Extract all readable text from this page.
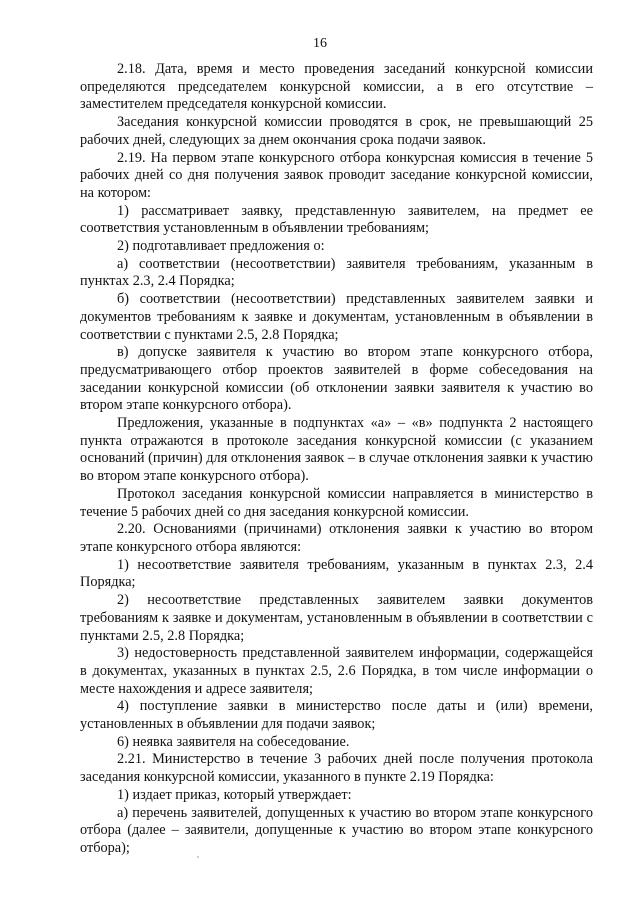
16

2.18. Дата, время и место проведения заседаний конкурсной комиссии определяются председателем конкурсной комиссии, а в его отсутствие – заместителем председателя конкурсной комиссии.

Заседания конкурсной комиссии проводятся в срок, не превышающий 25 рабочих дней, следующих за днем окончания срока подачи заявок.

2.19. На первом этапе конкурсного отбора конкурсная комиссия в течение 5 рабочих дней со дня получения заявок проводит заседание конкурсной комиссии, на котором:

1) рассматривает заявку, представленную заявителем, на предмет ее соответствия установленным в объявлении требованиям;

2) подготавливает предложения о:

а) соответствии (несоответствии) заявителя требованиям, указанным в пунктах 2.3, 2.4 Порядка;

б) соответствии (несоответствии) представленных заявителем заявки и документов требованиям к заявке и документам, установленным в объявлении в соответствии с пунктами 2.5, 2.8 Порядка;

в) допуске заявителя к участию во втором этапе конкурсного отбора, предусматривающего отбор проектов заявителей в форме собеседования на заседании конкурсной комиссии (об отклонении заявки заявителя к участию во втором этапе конкурсного отбора).

Предложения, указанные в подпунктах «а» – «в» подпункта 2 настоящего пункта отражаются в протоколе заседания конкурсной комиссии (с указанием оснований (причин) для отклонения заявок – в случае отклонения заявки к участию во втором этапе конкурсного отбора).

Протокол заседания конкурсной комиссии направляется в министерство в течение 5 рабочих дней со дня заседания конкурсной комиссии.

2.20. Основаниями (причинами) отклонения заявки к участию во втором этапе конкурсного отбора являются:

1) несоответствие заявителя требованиям, указанным в пунктах 2.3, 2.4 Порядка;

2) несоответствие представленных заявителем заявки документов требованиям к заявке и документам, установленным в объявлении в соответствии с пунктами 2.5, 2.8 Порядка;

3) недостоверность представленной заявителем информации, содержащейся в документах, указанных в пунктах 2.5, 2.6 Порядка, в том числе информации о месте нахождения и адресе заявителя;

4) поступление заявки в министерство после даты и (или) времени, установленных в объявлении для подачи заявок;

6) неявка заявителя на собеседование.

2.21. Министерство в течение 3 рабочих дней после получения протокола заседания конкурсной комиссии, указанного в пункте 2.19 Порядка:

1) издает приказ, который утверждает:

а) перечень заявителей, допущенных к участию во втором этапе конкурсного отбора (далее – заявители, допущенные к участию во втором этапе конкурсного отбора);
